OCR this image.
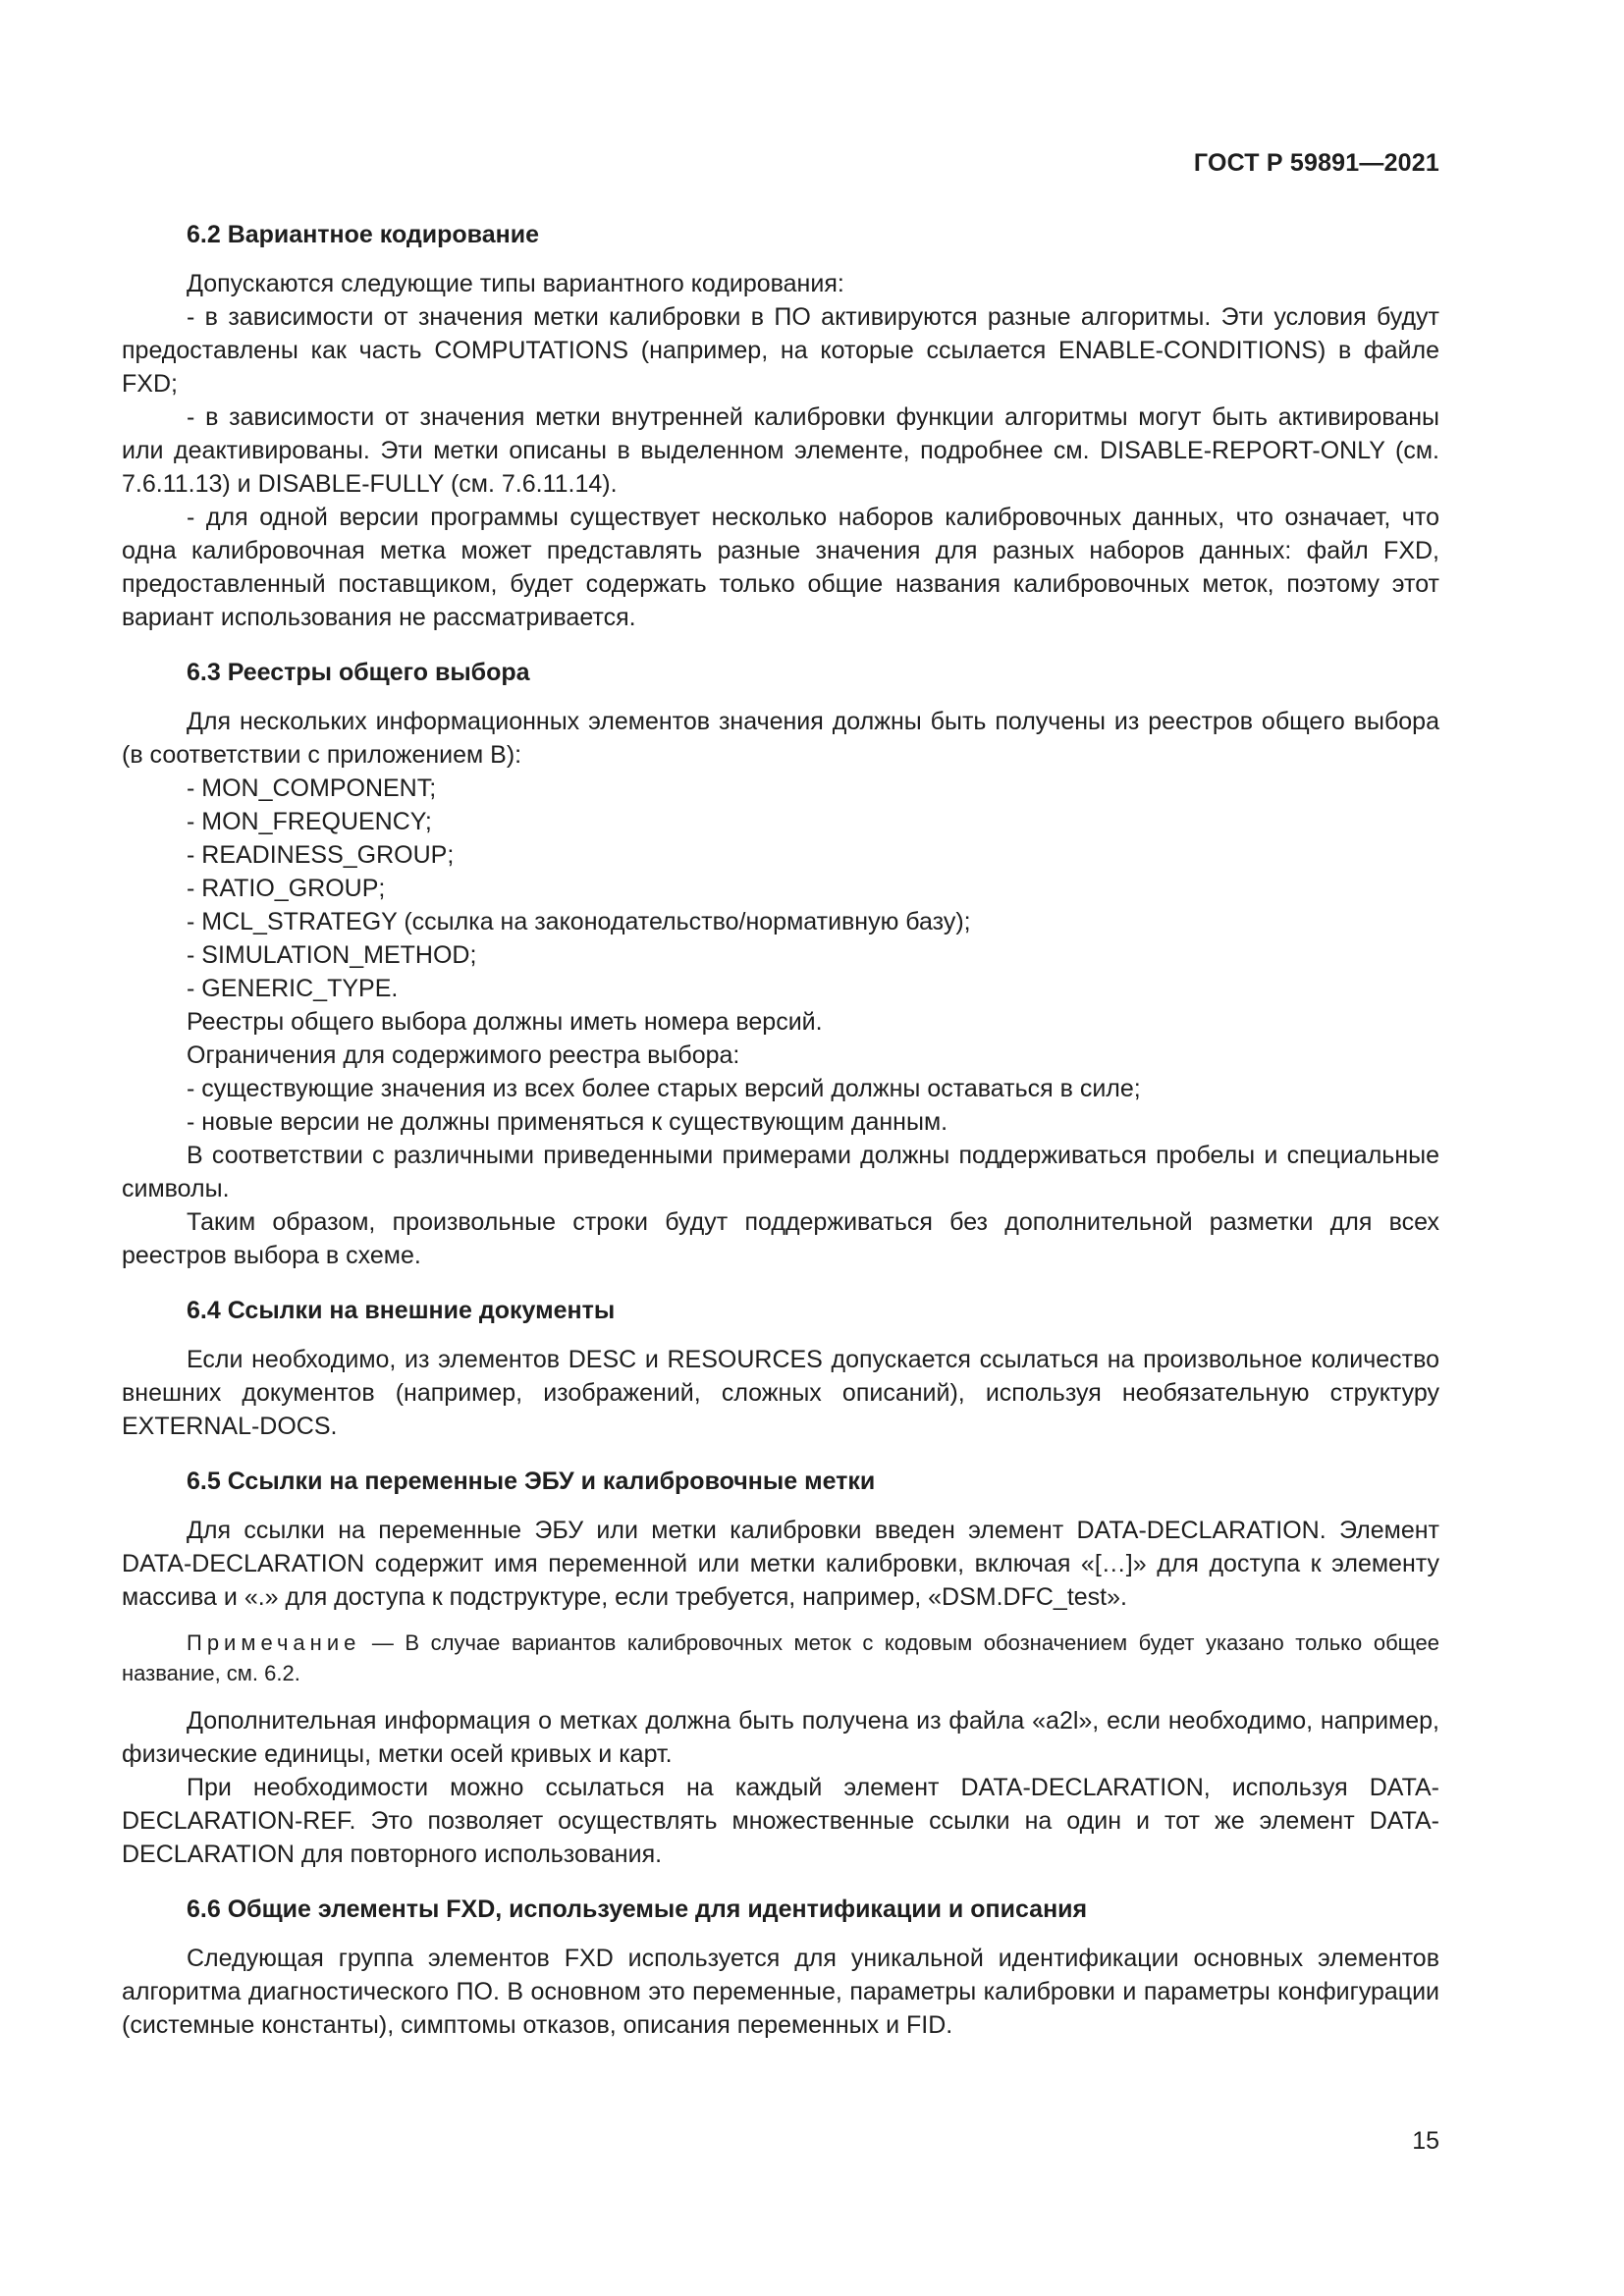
ГОСТ Р 59891—2021

6.2 Вариантное кодирование

Допускаются следующие типы вариантного кодирования:

- в зависимости от значения метки калибровки в ПО активируются разные алгоритмы. Эти условия будут предоставлены как часть COMPUTATIONS (например, на которые ссылается ENABLE-CONDITIONS) в файле FXD;

- в зависимости от значения метки внутренней калибровки функции алгоритмы могут быть активированы или деактивированы. Эти метки описаны в выделенном элементе, подробнее см. DISABLE-REPORT-ONLY (см. 7.6.11.13) и DISABLE-FULLY (см. 7.6.11.14).

- для одной версии программы существует несколько наборов калибровочных данных, что означает, что одна калибровочная метка может представлять разные значения для разных наборов данных: файл FXD, предоставленный поставщиком, будет содержать только общие названия калибровочных меток, поэтому этот вариант использования не рассматривается.

6.3 Реестры общего выбора

Для нескольких информационных элементов значения должны быть получены из реестров общего выбора (в соответствии с приложением В):

- MON_COMPONENT;

- MON_FREQUENCY;

- READINESS_GROUP;

- RATIO_GROUP;

- MCL_STRATEGY (ссылка на законодательство/нормативную базу);

- SIMULATION_METHOD;

- GENERIC_TYPE.

Реестры общего выбора должны иметь номера версий.

Ограничения для содержимого реестра выбора:

- существующие значения из всех более старых версий должны оставаться в силе;

- новые версии не должны применяться к существующим данным.

В соответствии с различными приведенными примерами должны поддерживаться пробелы и специальные символы.

Таким образом, произвольные строки будут поддерживаться без дополнительной разметки для всех реестров выбора в схеме.

6.4 Ссылки на внешние документы

Если необходимо, из элементов DESC и RESOURCES допускается ссылаться на произвольное количество внешних документов (например, изображений, сложных описаний), используя необязательную структуру EXTERNAL-DOCS.

6.5 Ссылки на переменные ЭБУ и калибровочные метки

Для ссылки на переменные ЭБУ или метки калибровки введен элемент DATA-DECLARATION. Элемент DATA-DECLARATION содержит имя переменной или метки калибровки, включая «[…]» для доступа к элементу массива и «.» для доступа к подструктуре, если требуется, например, «DSM.DFC_test».

Примечание — В случае вариантов калибровочных меток с кодовым обозначением будет указано только общее название, см. 6.2.

Дополнительная информация о метках должна быть получена из файла «a2l», если необходимо, например, физические единицы, метки осей кривых и карт.

При необходимости можно ссылаться на каждый элемент DATA-DECLARATION, используя DATA-DECLARATION-REF. Это позволяет осуществлять множественные ссылки на один и тот же элемент DATA-DECLARATION для повторного использования.

6.6 Общие элементы FXD, используемые для идентификации и описания

Следующая группа элементов FXD используется для уникальной идентификации основных элементов алгоритма диагностического ПО. В основном это переменные, параметры калибровки и параметры конфигурации (системные константы), симптомы отказов, описания переменных и FID.

15
